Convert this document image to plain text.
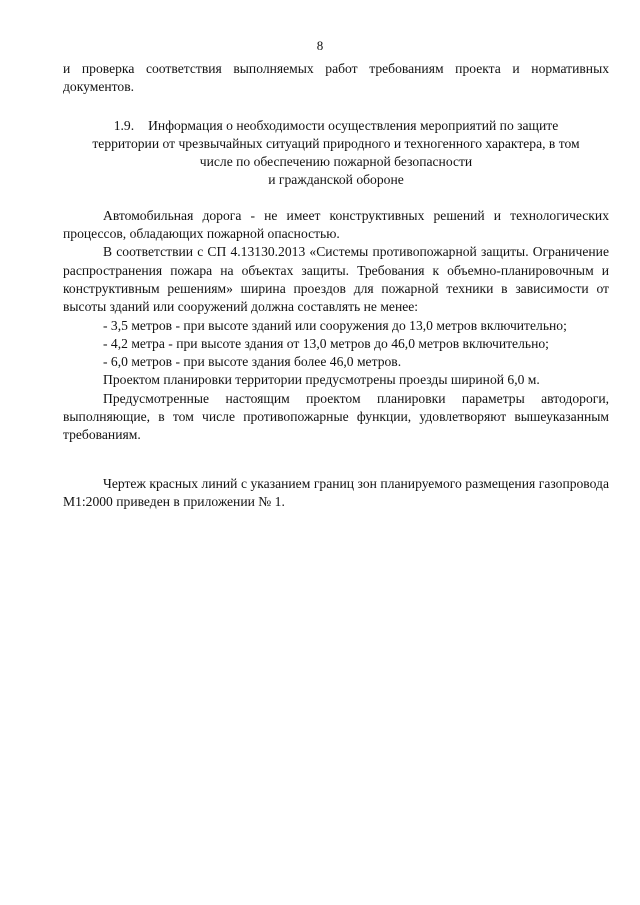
8

и проверка соответствия выполняемых работ требованиям проекта и нормативных документов.

1.9. Информация о необходимости осуществления мероприятий по защите
территории от чрезвычайных ситуаций природного и техногенного характера, в том
числе по обеспечению пожарной безопасности
и гражданской обороне

Автомобильная дорога - не имеет конструктивных решений и технологических процессов, обладающих пожарной опасностью.

В соответствии с СП 4.13130.2013 «Системы противопожарной защиты. Ограничение распространения пожара на объектах защиты. Требования к объемно-планировочным и конструктивным решениям» ширина проездов для пожарной техники в зависимости от высоты зданий или сооружений должна составлять не менее:

- 3,5 метров - при высоте зданий или сооружения до 13,0 метров включительно;

- 4,2 метра - при высоте здания от 13,0 метров до 46,0 метров включительно;

- 6,0 метров - при высоте здания более 46,0 метров.

Проектом планировки территории предусмотрены проезды шириной 6,0 м.

Предусмотренные настоящим проектом планировки параметры автодороги, выполняющие, в том числе противопожарные функции, удовлетворяют вышеуказанным требованиям.

Чертеж красных линий с указанием границ зон планируемого размещения газопровода М1:2000 приведен в приложении № 1.
